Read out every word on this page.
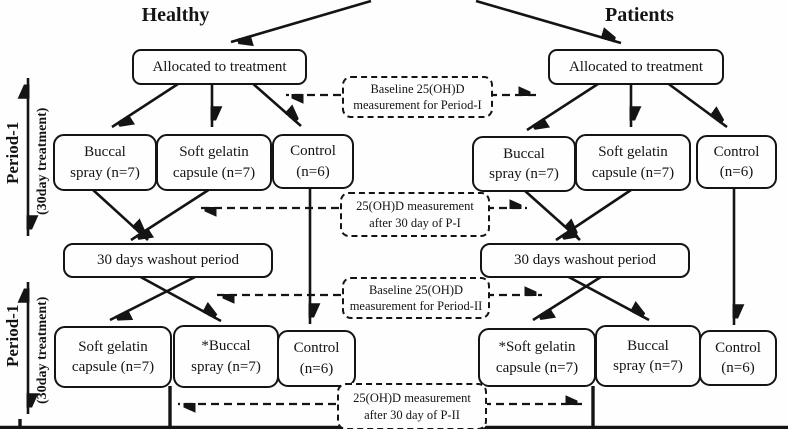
Healthy	Patients
Period-1 (30day treatment)
Period-1 (30day treatment)
Allocated to treatment	Allocated to treatment
Buccal
spray (n=7)
Soft gelatin
capsule (n=7)
Control
(n=6)
Buccal
spray (n=7)
Soft gelatin
capsule (n=7)
Control
(n=6)
30 days washout period	30 days washout period
Soft gelatin
capsule (n=7)
*Buccal
spray (n=7)
Control
(n=6)
*Soft gelatin
capsule (n=7)
Buccal
spray (n=7)
Control
(n=6)
Baseline 25(OH)D
measurement for Period-I
25(OH)D measurement
after 30 day of P-I
Baseline 25(OH)D
measurement for Period-II
25(OH)D measurement
after 30 day of P-II
